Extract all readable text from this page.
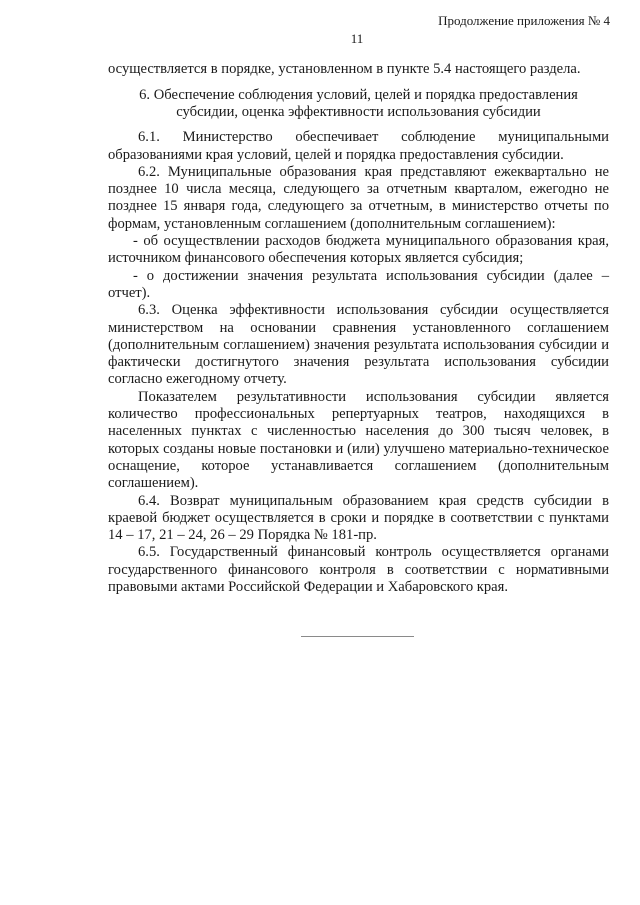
Продолжение приложения № 4
11

осуществляется в порядке, установленном в пункте 5.4 настоящего раздела.

6. Обеспечение соблюдения условий, целей и порядка предоставления субсидии, оценка эффективности использования субсидии

6.1. Министерство обеспечивает соблюдение муниципальными образованиями края условий, целей и порядка предоставления субсидии.

6.2. Муниципальные образования края представляют ежеквартально не позднее 10 числа месяца, следующего за отчетным кварталом, ежегодно не позднее 15 января года, следующего за отчетным, в министерство отчеты по формам, установленным соглашением (дополнительным соглашением):

- об осуществлении расходов бюджета муниципального образования края, источником финансового обеспечения которых является субсидия;

- о достижении значения результата использования субсидии (далее – отчет).

6.3. Оценка эффективности использования субсидии осуществляется министерством на основании сравнения установленного соглашением (дополнительным соглашением) значения результата использования субсидии и фактически достигнутого значения результата использования субсидии согласно ежегодному отчету.

Показателем результативности использования субсидии является количество профессиональных репертуарных театров, находящихся в населенных пунктах с численностью населения до 300 тысяч человек, в которых созданы новые постановки и (или) улучшено материально-техническое оснащение, которое устанавливается соглашением (дополнительным соглашением).

6.4. Возврат муниципальным образованием края средств субсидии в краевой бюджет осуществляется в сроки и порядке в соответствии с пунктами 14 – 17, 21 – 24, 26 – 29 Порядка № 181-пр.

6.5. Государственный финансовый контроль осуществляется органами государственного финансового контроля в соответствии с нормативными правовыми актами Российской Федерации и Хабаровского края.
